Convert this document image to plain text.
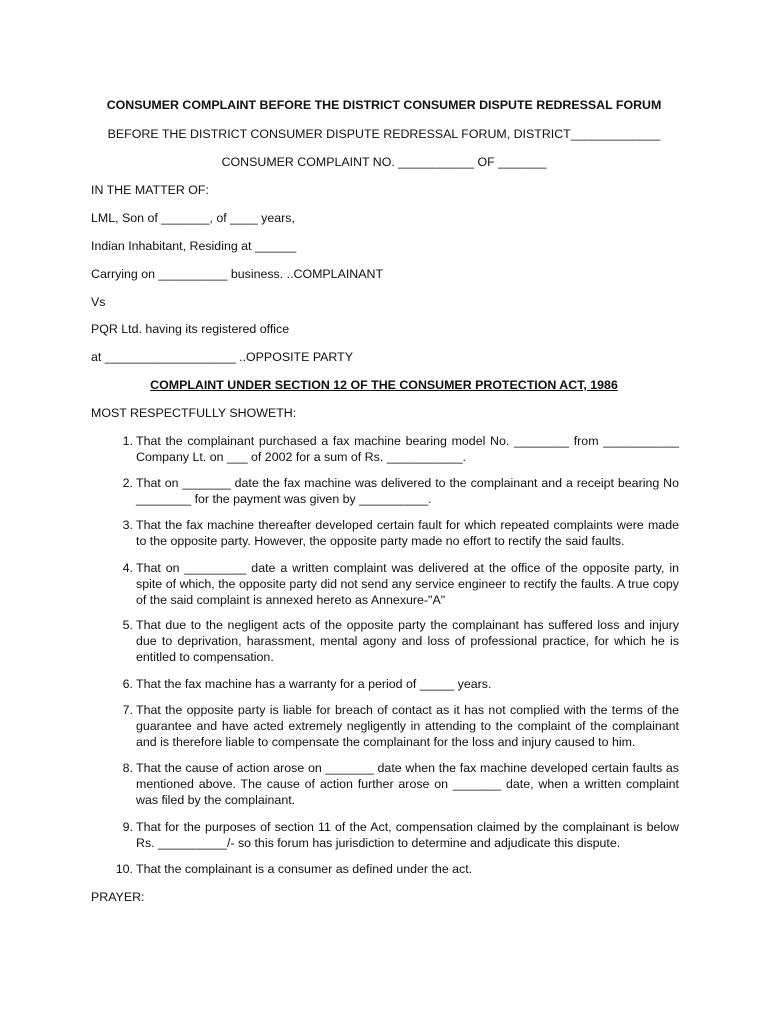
CONSUMER COMPLAINT BEFORE THE DISTRICT CONSUMER DISPUTE REDRESSAL FORUM
BEFORE THE DISTRICT CONSUMER DISPUTE REDRESSAL FORUM, DISTRICT_____________
CONSUMER COMPLAINT NO. ___________ OF _______
IN THE MATTER OF:
LML, Son of _______, of ____ years,
Indian Inhabitant, Residing at ______
Carrying on __________ business. ..COMPLAINANT
Vs
PQR Ltd. having its registered office
at ___________________ ..OPPOSITE PARTY
COMPLAINT UNDER SECTION 12 OF THE CONSUMER PROTECTION ACT, 1986
MOST RESPECTFULLY SHOWETH:
1. That the complainant purchased a fax machine bearing model No. ________ from ___________ Company Lt. on ___ of 2002 for a sum of Rs. ___________.
2. That on _______ date the fax machine was delivered to the complainant and a receipt bearing No ________ for the payment was given by __________.
3. That the fax machine thereafter developed certain fault for which repeated complaints were made to the opposite party. However, the opposite party made no effort to rectify the said faults.
4. That on _________ date a written complaint was delivered at the office of the opposite party, in spite of which, the opposite party did not send any service engineer to rectify the faults. A true copy of the said complaint is annexed hereto as Annexure-"A"
5. That due to the negligent acts of the opposite party the complainant has suffered loss and injury due to deprivation, harassment, mental agony and loss of professional practice, for which he is entitled to compensation.
6. That the fax machine has a warranty for a period of _____ years.
7. That the opposite party is liable for breach of contact as it has not complied with the terms of the guarantee and have acted extremely negligently in attending to the complaint of the complainant and is therefore liable to compensate the complainant for the loss and injury caused to him.
8. That the cause of action arose on _______ date when the fax machine developed certain faults as mentioned above. The cause of action further arose on _______ date, when a written complaint was filed by the complainant.
9. That for the purposes of section 11 of the Act, compensation claimed by the complainant is below Rs. __________/- so this forum has jurisdiction to determine and adjudicate this dispute.
10. That the complainant is a consumer as defined under the act.
PRAYER:
